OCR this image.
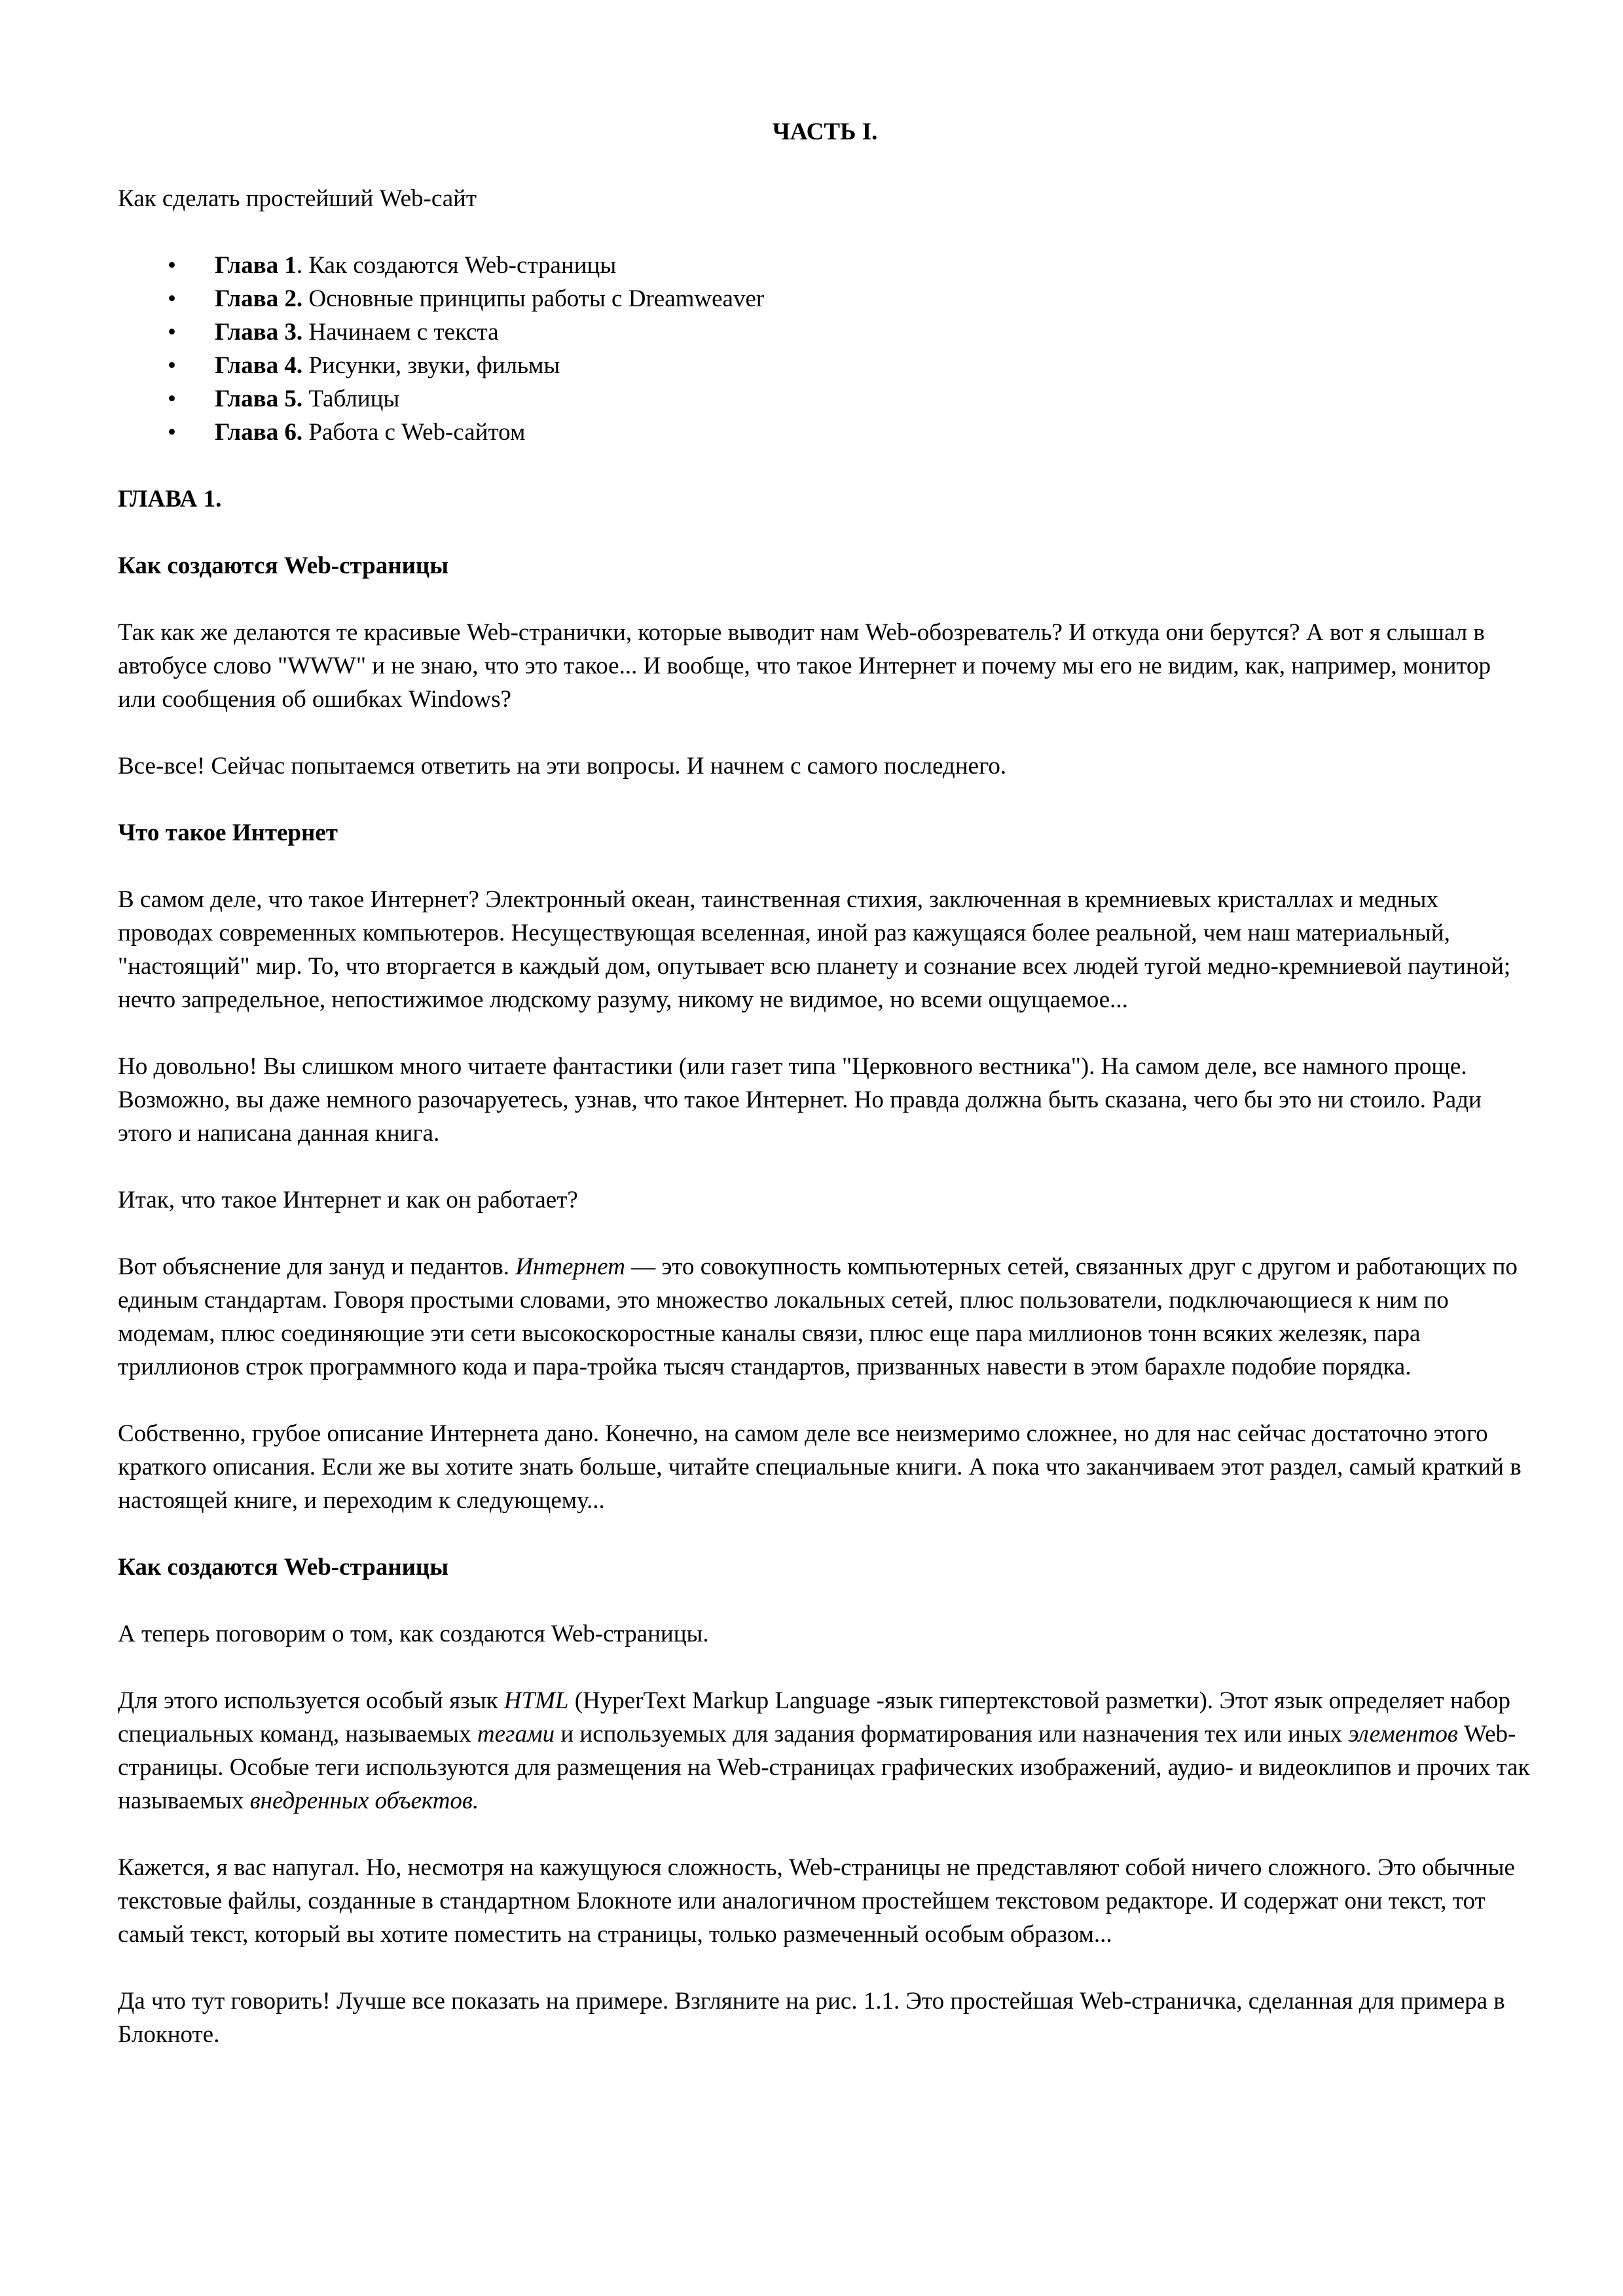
ЧАСТЬ I.

Как сделать простейший Web-сайт

• Глава 1. Как создаются Web-страницы
• Глава 2. Основные принципы работы с Dreamweaver
• Глава 3. Начинаем с текста
• Глава 4. Рисунки, звуки, фильмы
• Глава 5. Таблицы
• Глава 6. Работа с Web-сайтом
ГЛАВА 1.
Как создаются Web-страницы

Так как же делаются те красивые Web-странички, которые выводит нам Web-обозреватель? И откуда они берутся? А вот я слышал в автобусе слово "WWW" и не знаю, что это такое... И вообще, что такое Интернет и почему мы его не видим, как, например, монитор или сообщения об ошибках Windows?

Все-все! Сейчас попытаемся ответить на эти вопросы. И начнем с самого последнего.

Что такое Интернет

В самом деле, что такое Интернет? Электронный океан, таинственная стихия, заключенная в кремниевых кристаллах и медных проводах современных компьютеров. Несуществующая вселенная, иной раз кажущаяся более реальной, чем наш материальный, "настоящий" мир. То, что вторгается в каждый дом, опутывает всю планету и сознание всех людей тугой медно-кремниевой паутиной; нечто запредельное, непостижимое людскому разуму, никому не видимое, но всеми ощущаемое...

Но довольно! Вы слишком много читаете фантастики (или газет типа "Церковного вестника"). На самом деле, все намного проще. Возможно, вы даже немного разочаруетесь, узнав, что такое Интернет. Но правда должна быть сказана, чего бы это ни стоило. Ради этого и написана данная книга.

Итак, что такое Интернет и как он работает?

Вот объяснение для зануд и педантов. Интернет — это совокупность компьютерных сетей, связанных друг с другом и работающих по единым стандартам. Говоря простыми словами, это множество локальных сетей, плюс пользователи, подключающиеся к ним по модемам, плюс соединяющие эти сети высокоскоростные каналы связи, плюс еще пара миллионов тонн всяких железяк, пара триллионов строк программного кода и пара-тройка тысяч стандартов, призванных навести в этом барахле подобие порядка.

Собственно, грубое описание Интернета дано. Конечно, на самом деле все неизмеримо сложнее, но для нас сейчас достаточно этого краткого описания. Если же вы хотите знать больше, читайте специальные книги. А пока что заканчиваем этот раздел, самый краткий в настоящей книге, и переходим к следующему...

Как создаются Web-страницы

А теперь поговорим о том, как создаются Web-страницы.

Для этого используется особый язык HTML (HyperText Markup Language -язык гипертекстовой разметки). Этот язык определяет набор специальных команд, называемых тегами и используемых для задания форматирования или назначения тех или иных элементов Web-страницы. Особые теги используются для размещения на Web-страницах графических изображений, аудио- и видеоклипов и прочих так называемых внедренных объектов.

Кажется, я вас напугал. Но, несмотря на кажущуюся сложность, Web-страницы не представляют собой ничего сложного. Это обычные текстовые файлы, созданные в стандартном Блокноте или аналогичном простейшем текстовом редакторе. И содержат они текст, тот самый текст, который вы хотите поместить на страницы, только размеченный особым образом...

Да что тут говорить! Лучше все показать на примере. Взгляните на рис. 1.1. Это простейшая Web-страничка, сделанная для примера в Блокноте.
